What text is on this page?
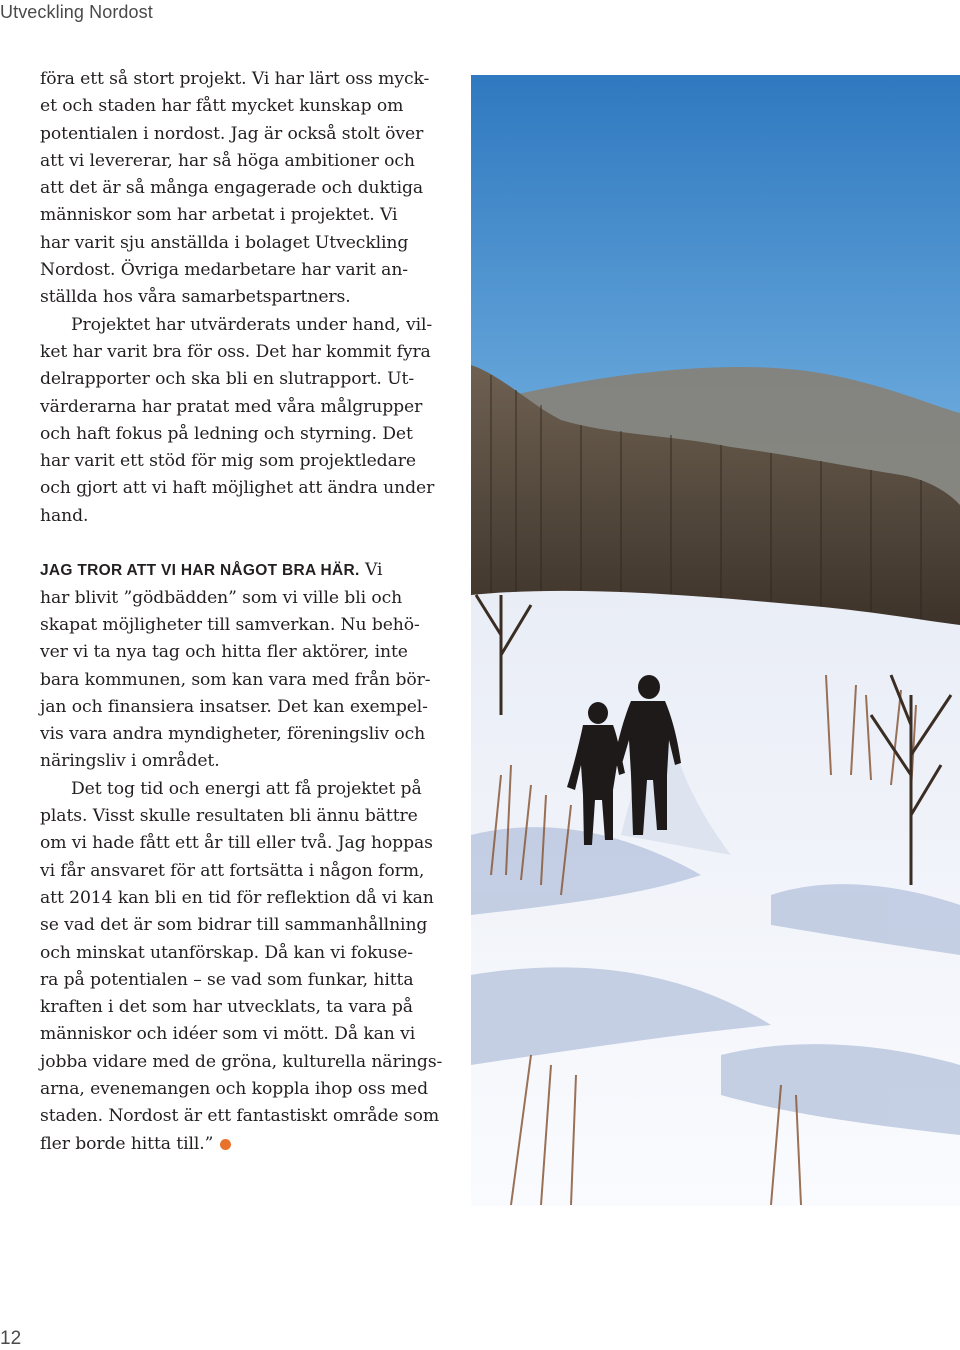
Utveckling Nordost
föra ett så stort projekt. Vi har lärt oss myck-
et och staden har fått mycket kunskap om
potentialen i nordost. Jag är också stolt över
att vi levererar, har så höga ambitioner och
att det är så många engagerade och duktiga
människor som har arbetat i projektet. Vi
har varit sju anställda i bolaget Utveckling
Nordost. Övriga medarbetare har varit an-
ställda hos våra samarbetspartners.
Projektet har utvärderats under hand, vil-
ket har varit bra för oss. Det har kommit fyra
delrapporter och ska bli en slutrapport. Ut-
värderarna har pratat med våra målgrupper
och haft fokus på ledning och styrning. Det
har varit ett stöd för mig som projektledare
och gjort att vi haft möjlighet att ändra under
hand.
JAG TROR ATT VI HAR NÅGOT BRA HÄR. Vi
har blivit ”gödbädden” som vi ville bli och
skapat möjligheter till samverkan. Nu behö-
ver vi ta nya tag och hitta fler aktörer, inte
bara kommunen, som kan vara med från bör-
jan och finansiera insatser. Det kan exempel-
vis vara andra myndigheter, föreningsliv och
näringsliv i området.
Det tog tid och energi att få projektet på
plats. Visst skulle resultaten bli ännu bättre
om vi hade fått ett år till eller två. Jag hoppas
vi får ansvaret för att fortsätta i någon form,
att 2014 kan bli en tid för reflektion då vi kan
se vad det är som bidrar till sammanhållning
och minskat utanförskap. Då kan vi fokuse-
ra på potentialen – se vad som funkar, hitta
kraften i det som har utvecklats, ta vara på
människor och idéer som vi mött. Då kan vi
jobba vidare med de gröna, kulturella närings-
arna, evenemangen och koppla ihop oss med
staden. Nordost är ett fantastiskt område som
fler borde hitta till.”
12
